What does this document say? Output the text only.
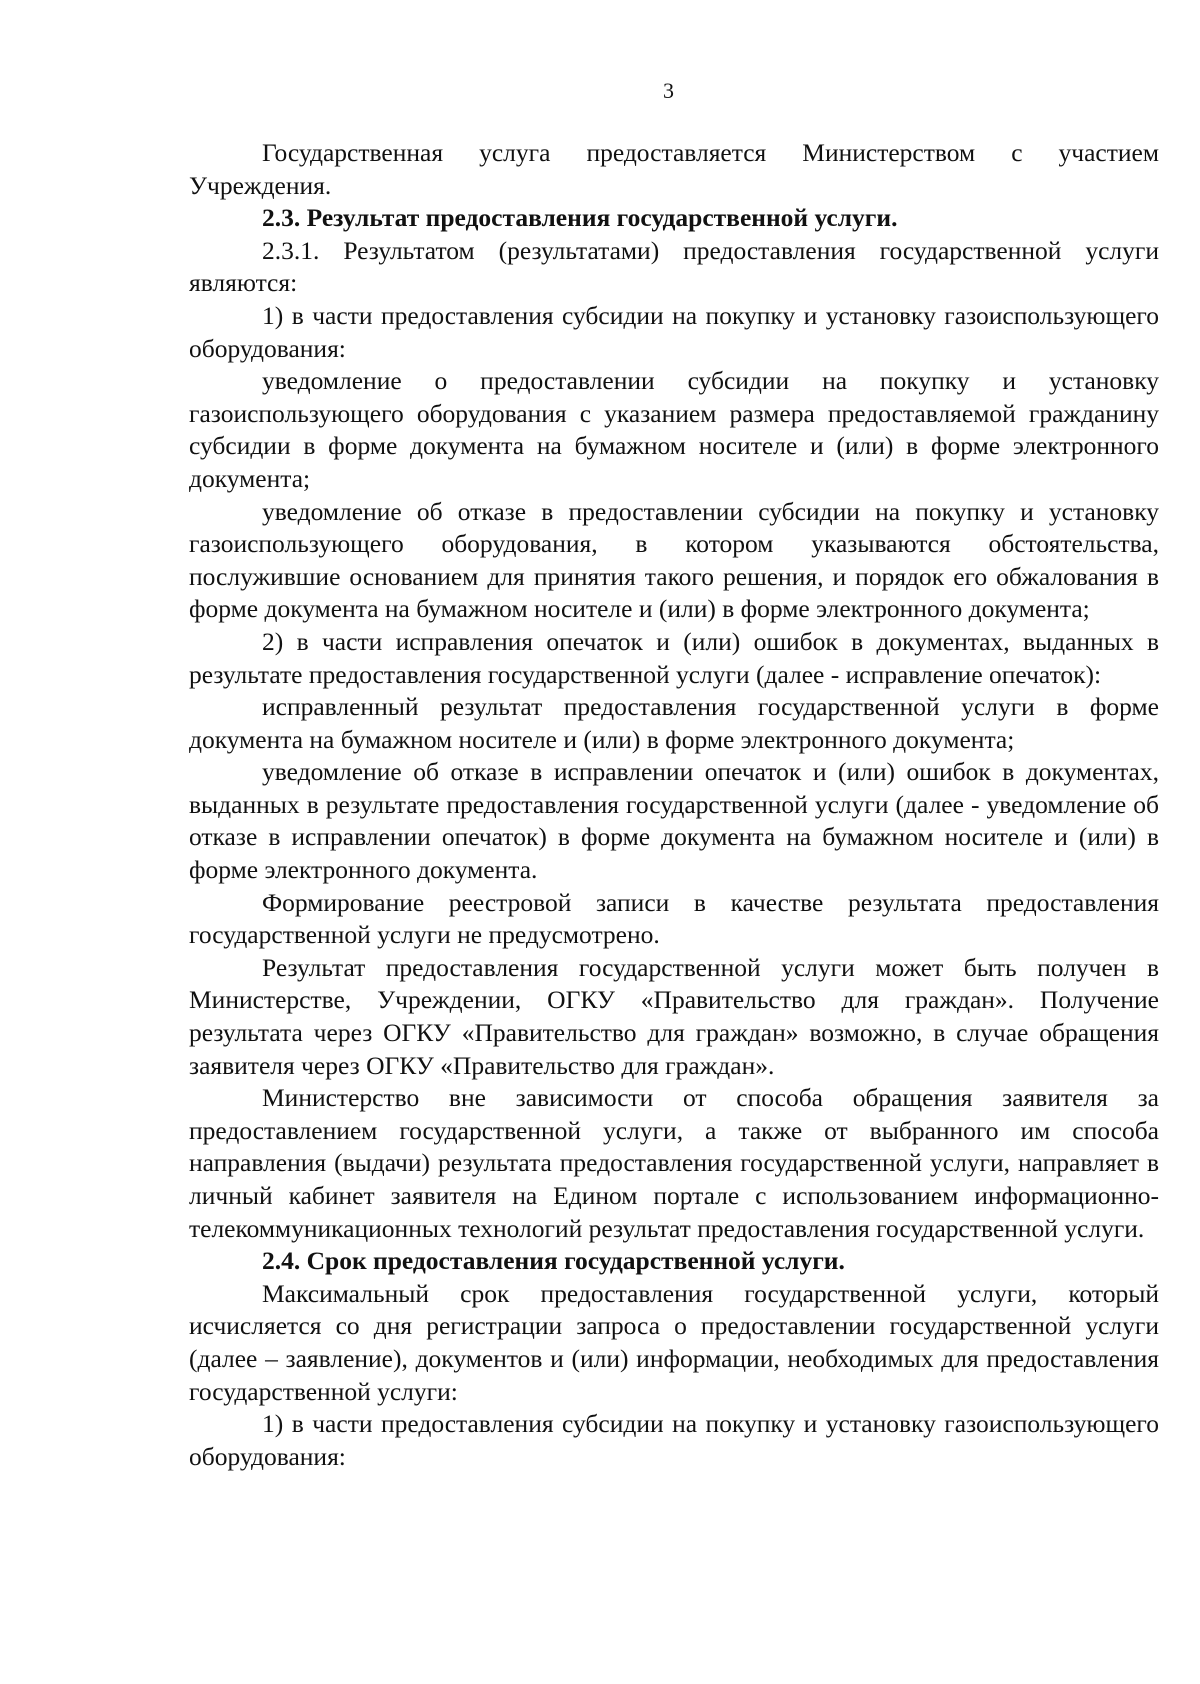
3

Государственная услуга предоставляется Министерством с участием Учреждения.

2.3. Результат предоставления государственной услуги.

2.3.1. Результатом (результатами) предоставления государственной услуги являются:

1) в части предоставления субсидии на покупку и установку газоиспользующего оборудования:

уведомление о предоставлении субсидии на покупку и установку газоиспользующего оборудования с указанием размера предоставляемой гражданину субсидии в форме документа на бумажном носителе и (или) в форме электронного документа;

уведомление об отказе в предоставлении субсидии на покупку и установку газоиспользующего оборудования, в котором указываются обстоятельства, послужившие основанием для принятия такого решения, и порядок его обжалования в форме документа на бумажном носителе и (или) в форме электронного документа;

2) в части исправления опечаток и (или) ошибок в документах, выданных в результате предоставления государственной услуги (далее - исправление опечаток):

исправленный результат предоставления государственной услуги в форме документа на бумажном носителе и (или) в форме электронного документа;

уведомление об отказе в исправлении опечаток и (или) ошибок в документах, выданных в результате предоставления государственной услуги (далее - уведомление об отказе в исправлении опечаток) в форме документа на бумажном носителе и (или) в форме электронного документа.

Формирование реестровой записи в качестве результата предоставления государственной услуги не предусмотрено.

Результат предоставления государственной услуги может быть получен в Министерстве, Учреждении, ОГКУ «Правительство для граждан». Получение результата через ОГКУ «Правительство для граждан» возможно, в случае обращения заявителя через ОГКУ «Правительство для граждан».

Министерство вне зависимости от способа обращения заявителя за предоставлением государственной услуги, а также от выбранного им способа направления (выдачи) результата предоставления государственной услуги, направляет в личный кабинет заявителя на Едином портале с использованием информационно-телекоммуникационных технологий результат предоставления государственной услуги.

2.4. Срок предоставления государственной услуги.

Максимальный срок предоставления государственной услуги, который исчисляется со дня регистрации запроса о предоставлении государственной услуги (далее – заявление), документов и (или) информации, необходимых для предоставления государственной услуги:

1) в части предоставления субсидии на покупку и установку газоиспользующего оборудования:
